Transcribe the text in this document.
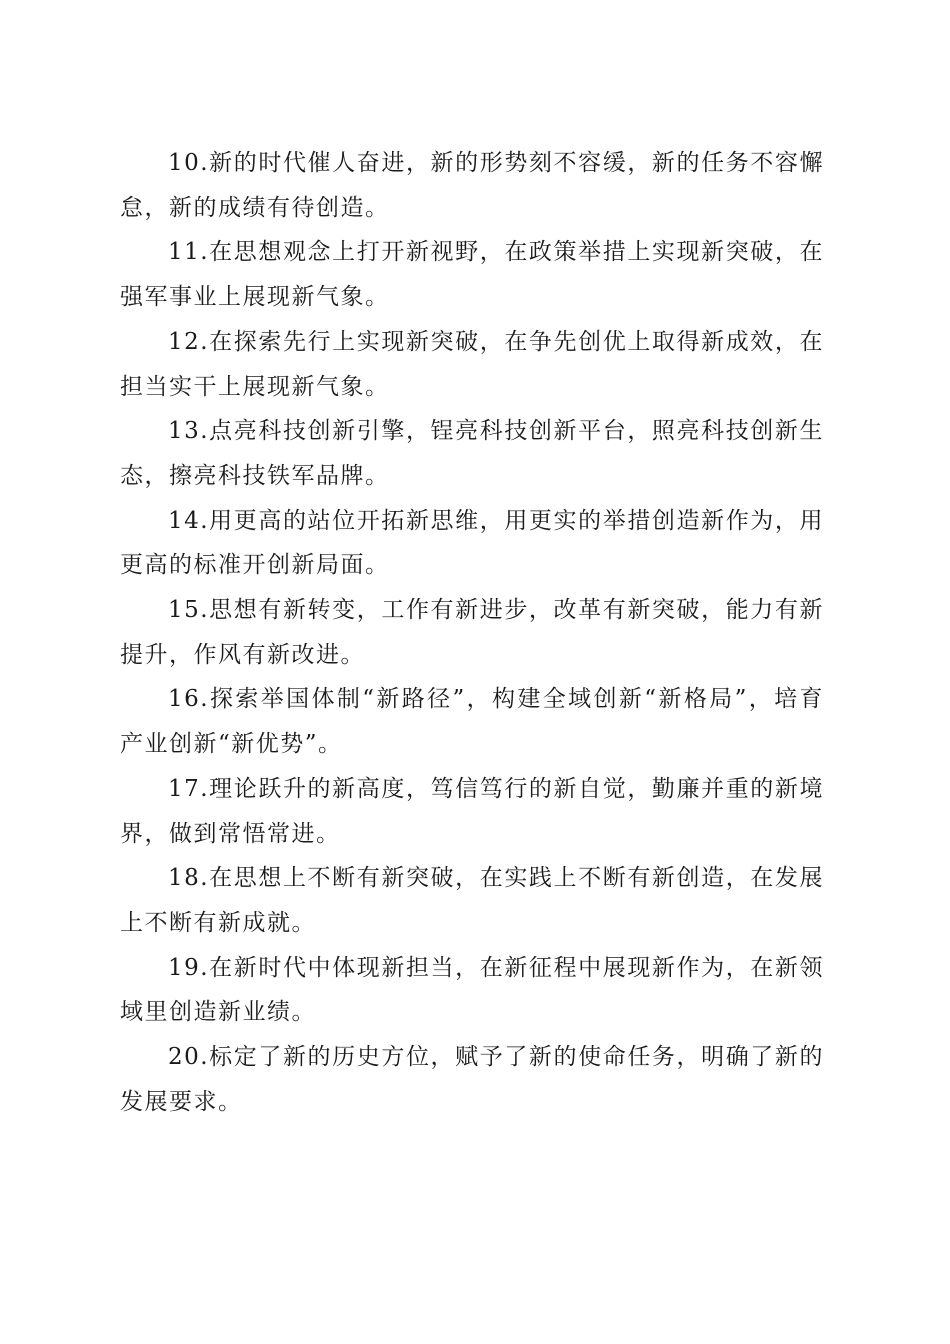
10.新的时代催人奋进，新的形势刻不容缓，新的任务不容懈怠，新的成绩有待创造。

11.在思想观念上打开新视野，在政策举措上实现新突破，在强军事业上展现新气象。

12.在探索先行上实现新突破，在争先创优上取得新成效，在担当实干上展现新气象。

13.点亮科技创新引擎，锃亮科技创新平台，照亮科技创新生态，擦亮科技铁军品牌。

14.用更高的站位开拓新思维，用更实的举措创造新作为，用更高的标准开创新局面。

15.思想有新转变，工作有新进步，改革有新突破，能力有新提升，作风有新改进。

16.探索举国体制“新路径”，构建全域创新“新格局”，培育产业创新“新优势”。

17.理论跃升的新高度，笃信笃行的新自觉，勤廉并重的新境界，做到常悟常进。

18.在思想上不断有新突破，在实践上不断有新创造，在发展上不断有新成就。

19.在新时代中体现新担当，在新征程中展现新作为，在新领域里创造新业绩。

20.标定了新的历史方位，赋予了新的使命任务，明确了新的发展要求。
